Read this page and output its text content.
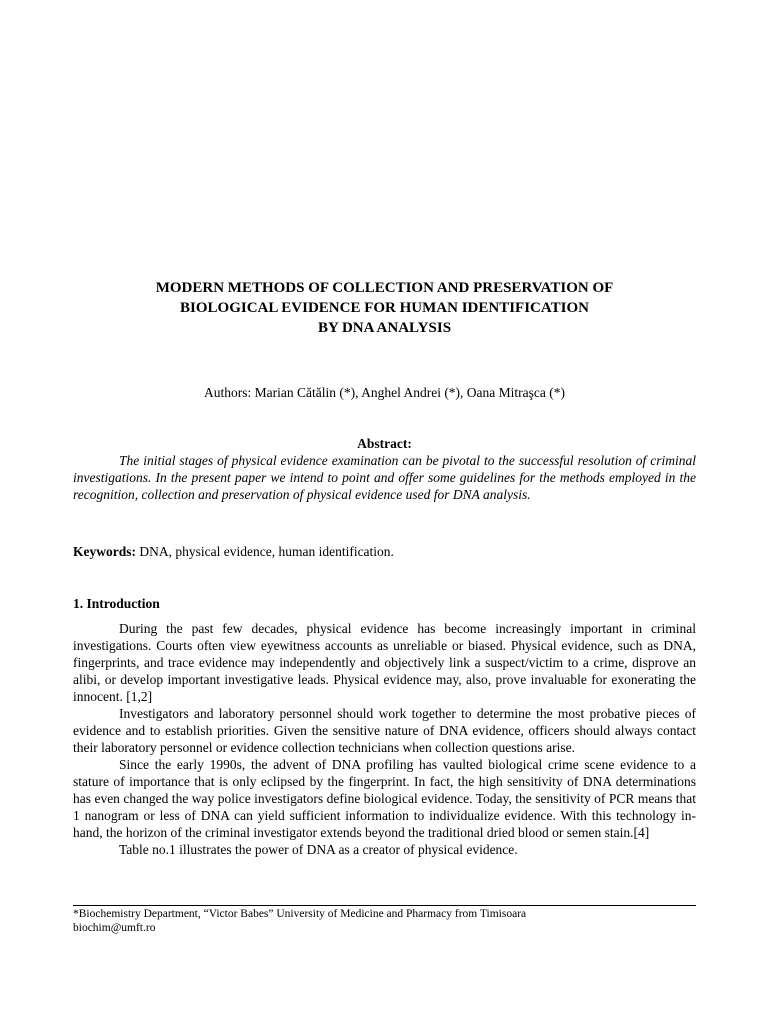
MODERN METHODS OF COLLECTION AND PRESERVATION OF
BIOLOGICAL EVIDENCE FOR HUMAN IDENTIFICATION
BY DNA ANALYSIS
Authors: Marian Cătălin (*), Anghel Andrei (*), Oana Mitraşca (*)
Abstract:

The initial stages of physical evidence examination can be pivotal to the successful resolution of criminal investigations. In the present paper we intend to point and offer some guidelines for the methods employed in the recognition, collection and preservation of physical evidence used for DNA analysis.

Keywords: DNA, physical evidence, human identification.
1. Introduction

During the past few decades, physical evidence has become increasingly important in criminal investigations. Courts often view eyewitness accounts as unreliable or biased. Physical evidence, such as DNA, fingerprints, and trace evidence may independently and objectively link a suspect/victim to a crime, disprove an alibi, or develop important investigative leads. Physical evidence may, also, prove invaluable for exonerating the innocent. [1,2]

Investigators and laboratory personnel should work together to determine the most probative pieces of evidence and to establish priorities. Given the sensitive nature of DNA evidence, officers should always contact their laboratory personnel or evidence collection technicians when collection questions arise.

Since the early 1990s, the advent of DNA profiling has vaulted biological crime scene evidence to a stature of importance that is only eclipsed by the fingerprint. In fact, the high sensitivity of DNA determinations has even changed the way police investigators define biological evidence. Today, the sensitivity of PCR means that 1 nanogram or less of DNA can yield sufficient information to individualize evidence. With this technology in-hand, the horizon of the criminal investigator extends beyond the traditional dried blood or semen stain.[4]

Table no.1 illustrates the power of DNA as a creator of physical evidence.

*Biochemistry Department, “Victor Babes” University of Medicine and Pharmacy from Timisoara
biochim@umft.ro
